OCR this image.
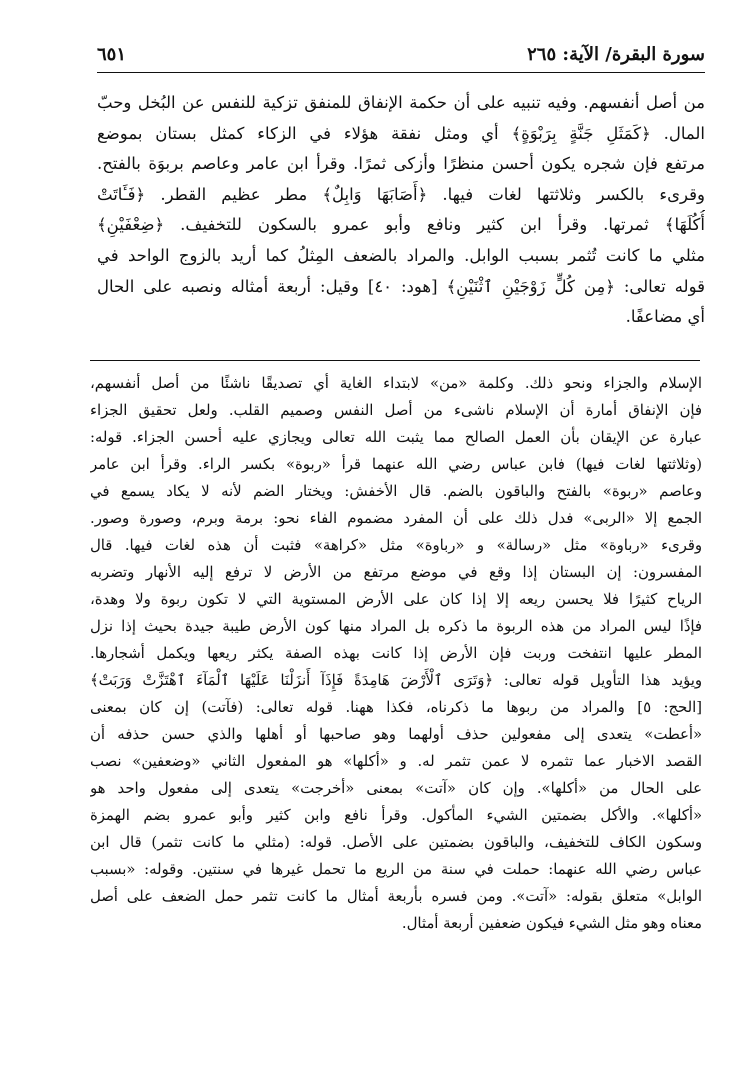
سورة البقرة/ الآية: ٢٦٥
٦٥١
من أصل أنفسهم. وفيه تنبيه على أن حكمة الإنفاق للمنفق تزكية للنفس عن البُخل وحبّ
المال. ﴿كَمَثَلِ جَنَّةٍ بِرَبْوَةٍ﴾ أي ومثل نفقة هؤلاء في الزكاء كمثل بستان بموضع
مرتفع فإن شجره يكون أحسن منظرًا وأزكى ثمرًا. وقرأ ابن عامر وعاصم بربوَة بالفتح.
وقرىء بالكسر وثلاثتها لغات فيها. ﴿أَصَابَهَا وَابِلٌ﴾ مطر عظيم القطر. ﴿فَـَٔاتَتْ
أُكُلَهَا﴾ ثمرتها. وقرأ ابن كثير ونافع وأبو عمرو بالسكون للتخفيف. ﴿ضِعْفَيْنِ﴾
مثلي ما كانت تُثمر بسبب الوابل. والمراد بالضعف المِثلُ كما أريد بالزوج الواحد في
قوله تعالى: ﴿مِن كُلٍّ زَوْجَيْنِ ٱثْنَيْنِ﴾ [هود: ٤٠] وقيل: أربعة أمثاله ونصبه على الحال
أي مضاعفًا.
الإسلام والجزاء ونحو ذلك. وكلمة «من» لابتداء الغاية أي تصديقًا ناشئًا من أصل أنفسهم،
فإن الإنفاق أمارة أن الإسلام ناشىء من أصل النفس وصميم القلب. ولعل تحقيق الجزاء
عبارة عن الإيقان بأن العمل الصالح مما يثبت الله تعالى ويجازي عليه أحسن الجزاء. قوله:
(وثلاثتها لغات فيها) فابن عباس رضي الله عنهما قرأ «ربوة» بكسر الراء. وقرأ ابن عامر
وعاصم «ربوة» بالفتح والباقون بالضم. قال الأخفش: ويختار الضم لأنه لا يكاد يسمع في
الجمع إلا «الربى» فدل ذلك على أن المفرد مضموم الفاء نحو: برمة وبرم، وصورة وصور.
وقرىء «رباوة» مثل «رسالة» و «رباوة» مثل «كراهة» فثبت أن هذه لغات فيها. قال
المفسرون: إن البستان إذا وقع في موضع مرتفع من الأرض لا ترفع إليه الأنهار وتضربه
الرياح كثيرًا فلا يحسن ريعه إلا إذا كان على الأرض المستوية التي لا تكون ربوة ولا وهدة،
فإذًا ليس المراد من هذه الربوة ما ذكره بل المراد منها كون الأرض طيبة جيدة بحيث إذا نزل
المطر عليها انتفخت وربت فإن الأرض إذا كانت بهذه الصفة يكثر ريعها ويكمل أشجارها.
ويؤيد هذا التأويل قوله تعالى: ﴿وَتَرَى ٱلْأَرْضَ هَامِدَةً فَإِذَآ أَنزَلْنَا عَلَيْهَا ٱلْمَآءَ ٱهْتَزَّتْ وَرَبَتْ﴾
[الحج: ٥] والمراد من ربوها ما ذكرناه، فكذا ههنا. قوله تعالى: (فآتت) إن كان بمعنى
«أعطت» يتعدى إلى مفعولين حذف أولهما وهو صاحبها أو أهلها والذي حسن حذفه أن
القصد الاخبار عما تثمره لا عمن تثمر له. و «أكلها» هو المفعول الثاني «وضعفين» نصب
على الحال من «أكلها». وإن كان «آتت» بمعنى «أخرجت» يتعدى إلى مفعول واحد هو
«أكلها». والأكل بضمتين الشيء المأكول. وقرأ نافع وابن كثير وأبو عمرو بضم الهمزة
وسكون الكاف للتخفيف، والباقون بضمتين على الأصل. قوله: (مثلي ما كانت تثمر) قال ابن
عباس رضي الله عنهما: حملت في سنة من الريع ما تحمل غيرها في سنتين. وقوله: «بسبب
الوابل» متعلق بقوله: «آتت». ومن فسره بأربعة أمثال ما كانت تثمر حمل الضعف على أصل
معناه وهو مثل الشيء فيكون ضعفين أربعة أمثال.
